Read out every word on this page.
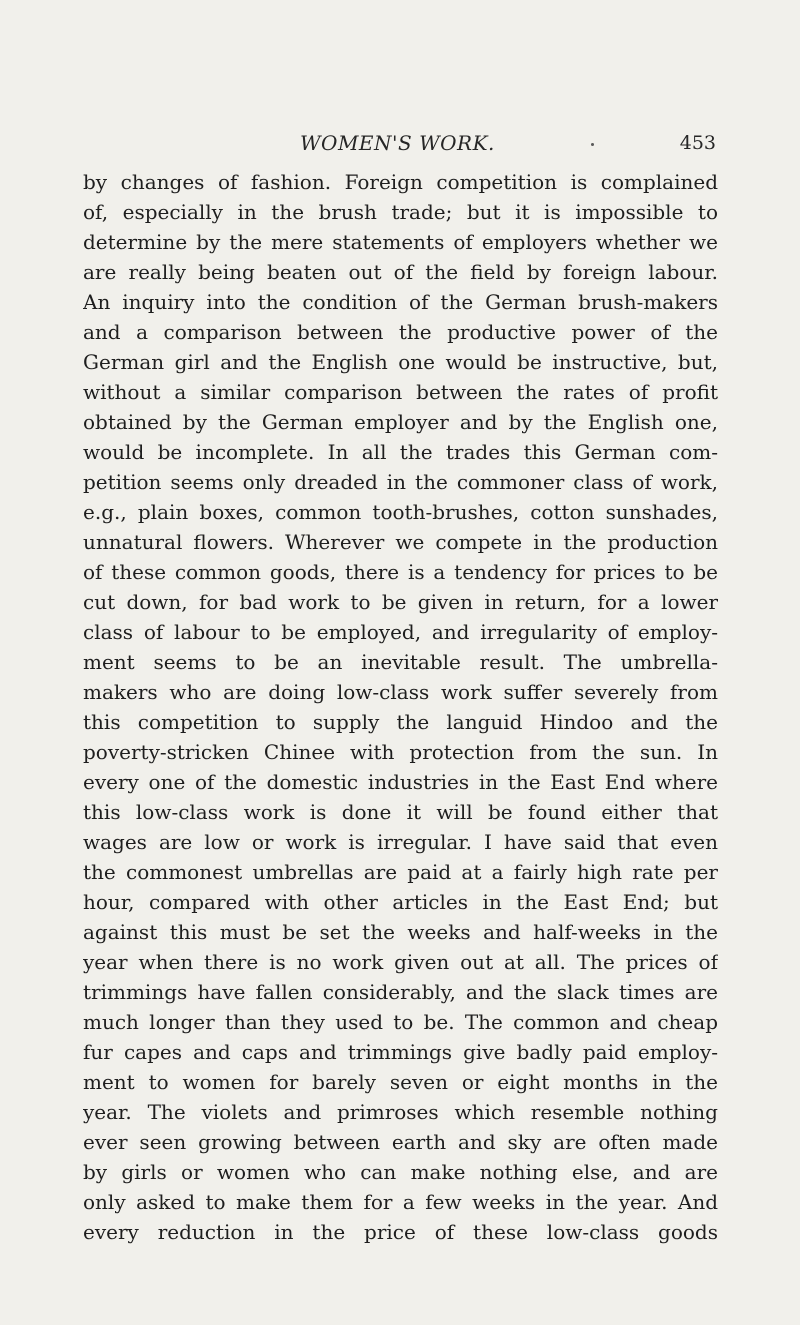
WOMEN'S WORK.	453
by changes of fashion. Foreign competition is complained
of, especially in the brush trade; but it is impossible to
determine by the mere statements of employers whether we
are really being beaten out of the field by foreign labour.
An inquiry into the condition of the German brush-makers
and a comparison between the productive power of the
German girl and the English one would be instructive, but,
without a similar comparison between the rates of profit
obtained by the German employer and by the English one,
would be incomplete. In all the trades this German com-
petition seems only dreaded in the commoner class of work,
e.g., plain boxes, common tooth-brushes, cotton sunshades,
unnatural flowers. Wherever we compete in the production
of these common goods, there is a tendency for prices to be
cut down, for bad work to be given in return, for a lower
class of labour to be employed, and irregularity of employ-
ment seems to be an inevitable result. The umbrella-
makers who are doing low-class work suffer severely from
this competition to supply the languid Hindoo and the
poverty-stricken Chinee with protection from the sun. In
every one of the domestic industries in the East End where
this low-class work is done it will be found either that
wages are low or work is irregular. I have said that even
the commonest umbrellas are paid at a fairly high rate per
hour, compared with other articles in the East End; but
against this must be set the weeks and half-weeks in the
year when there is no work given out at all. The prices of
trimmings have fallen considerably, and the slack times are
much longer than they used to be. The common and cheap
fur capes and caps and trimmings give badly paid employ-
ment to women for barely seven or eight months in the
year. The violets and primroses which resemble nothing
ever seen growing between earth and sky are often made
by girls or women who can make nothing else, and are
only asked to make them for a few weeks in the year. And
every reduction in the price of these low-class goods
